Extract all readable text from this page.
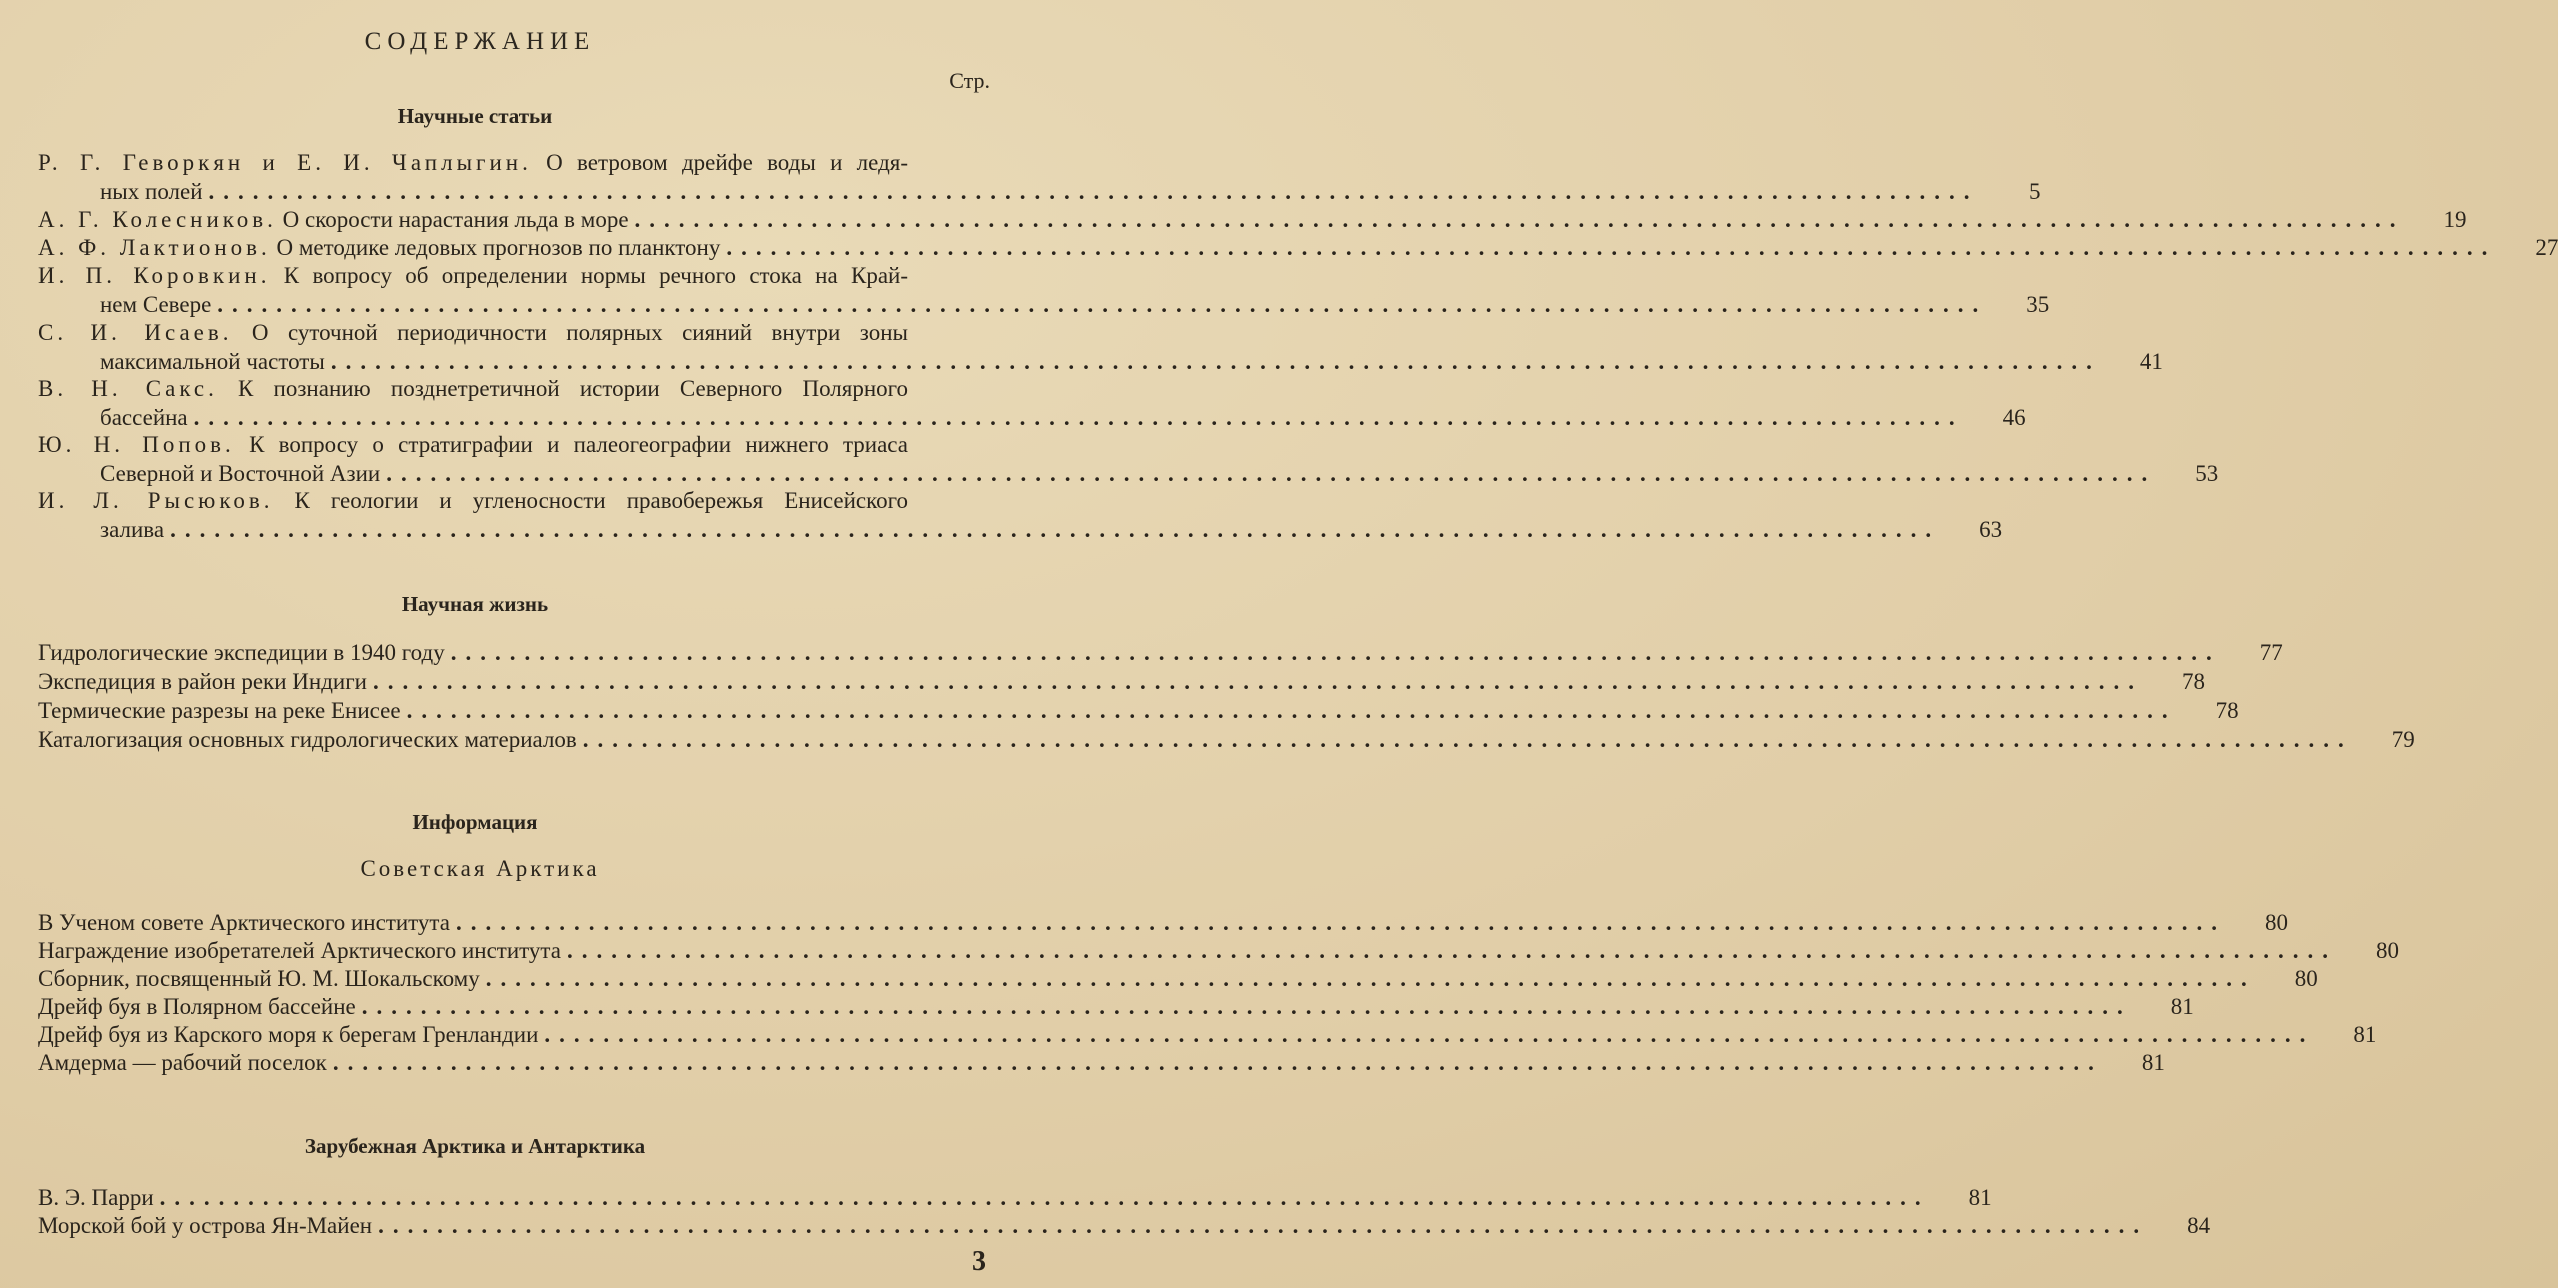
СОДЕРЖАНИЕ
Стр.
Научные статьи
Р. Г. Геворкян и Е. И. Чаплыгин. О ветровом дрейфе воды и ледя-
ных полей ........................................................................................................................	5
А. Г. Колесников. О скорости нарастания льда в море ........................................................................................................................	19
А. Ф. Лактионов. О методике ледовых прогнозов по планктону ........................................................................................................................	27
И. П. Коровкин. К вопросу об определении нормы речного стока на Край-
нем Севере ........................................................................................................................	35
С. И. Исаев. О суточной периодичности полярных сияний внутри зоны
максимальной частоты ........................................................................................................................	41
В. Н. Сакс. К познанию позднетретичной истории Северного Полярного
бассейна ........................................................................................................................	46
Ю. Н. Попов. К вопросу о стратиграфии и палеогеографии нижнего триаса
Северной и Восточной Азии ........................................................................................................................	53
И. Л. Рысюков. К геологии и угленосности правобережья Енисейского
залива ........................................................................................................................	63
Научная жизнь
Гидрологические экспедиции в 1940 году ........................................................................................................................	77
Экспедиция в район реки Индиги ........................................................................................................................	78
Термические разрезы на реке Енисее ........................................................................................................................	78
Каталогизация основных гидрологических материалов ........................................................................................................................	79
Информация
Советская Арктика
В Ученом совете Арктического института ........................................................................................................................	80
Награждение изобретателей Арктического института ........................................................................................................................	80
Сборник, посвященный Ю. М. Шокальскому ........................................................................................................................	80
Дрейф буя в Полярном бассейне ........................................................................................................................	81
Дрейф буя из Карского моря к берегам Гренландии ........................................................................................................................	81
Амдерма — рабочий поселок ........................................................................................................................	81
Зарубежная Арктика и Антарктика
В. Э. Парри ........................................................................................................................	81
Морской бой у острова Ян-Майен ........................................................................................................................	84
3
